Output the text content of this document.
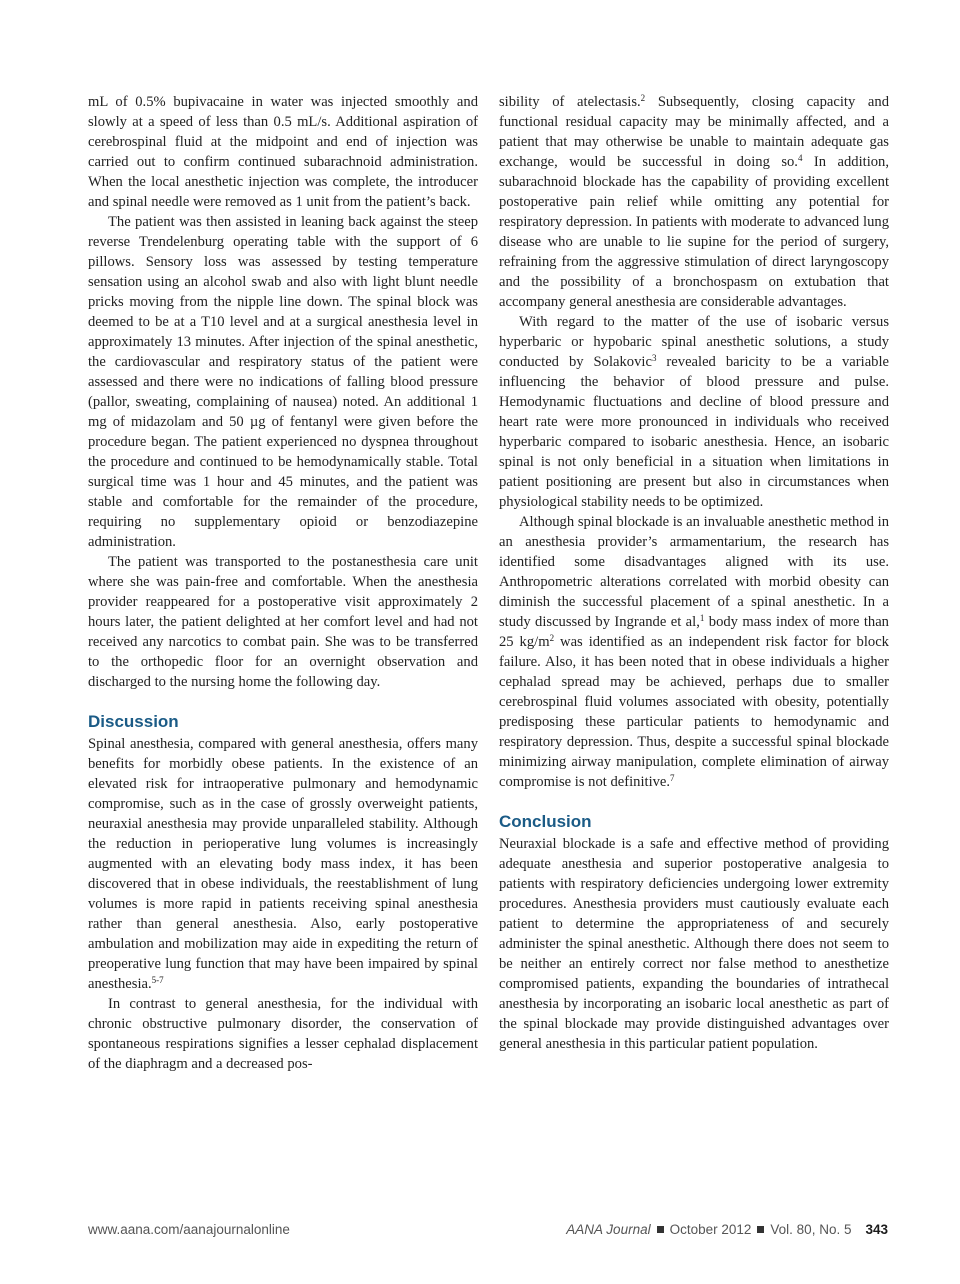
mL of 0.5% bupivacaine in water was injected smoothly and slowly at a speed of less than 0.5 mL/s. Additional aspiration of cerebrospinal fluid at the midpoint and end of injection was carried out to confirm continued subarachnoid administration. When the local anesthetic injection was complete, the introducer and spinal needle were removed as 1 unit from the patient’s back.

The patient was then assisted in leaning back against the steep reverse Trendelenburg operating table with the support of 6 pillows. Sensory loss was assessed by testing temperature sensation using an alcohol swab and also with light blunt needle pricks moving from the nipple line down. The spinal block was deemed to be at a T10 level and at a surgical anesthesia level in approximately 13 minutes. After injection of the spinal anesthetic, the cardiovascular and respiratory status of the patient were assessed and there were no indications of falling blood pressure (pallor, sweating, complaining of nausea) noted. An additional 1 mg of midazolam and 50 µg of fentanyl were given before the procedure began. The patient experienced no dyspnea throughout the procedure and continued to be hemodynamically stable. Total surgical time was 1 hour and 45 minutes, and the patient was stable and comfortable for the remainder of the procedure, requiring no supplementary opioid or benzodiazepine administration.

The patient was transported to the postanesthesia care unit where she was pain-free and comfortable. When the anesthesia provider reappeared for a postoperative visit approximately 2 hours later, the patient delighted at her comfort level and had not received any narcotics to combat pain. She was to be transferred to the orthopedic floor for an overnight observation and discharged to the nursing home the following day.

Discussion

Spinal anesthesia, compared with general anesthesia, offers many benefits for morbidly obese patients. In the existence of an elevated risk for intraoperative pulmonary and hemodynamic compromise, such as in the case of grossly overweight patients, neuraxial anesthesia may provide unparalleled stability. Although the reduction in perioperative lung volumes is increasingly augmented with an elevating body mass index, it has been discovered that in obese individuals, the reestablishment of lung volumes is more rapid in patients receiving spinal anesthesia rather than general anesthesia. Also, early postoperative ambulation and mobilization may aide in expediting the return of preoperative lung function that may have been impaired by spinal anesthesia.$^{5-7}$

In contrast to general anesthesia, for the individual with chronic obstructive pulmonary disorder, the conservation of spontaneous respirations signifies a lesser cephalad displacement of the diaphragm and a decreased pos-

sibility of atelectasis.$^2$ Subsequently, closing capacity and functional residual capacity may be minimally affected, and a patient that may otherwise be unable to maintain adequate gas exchange, would be successful in doing so.$^4$ In addition, subarachnoid blockade has the capability of providing excellent postoperative pain relief while omitting any potential for respiratory depression. In patients with moderate to advanced lung disease who are unable to lie supine for the period of surgery, refraining from the aggressive stimulation of direct laryngoscopy and the possibility of a bronchospasm on extubation that accompany general anesthesia are considerable advantages.

With regard to the matter of the use of isobaric versus hyperbaric or hypobaric spinal anesthetic solutions, a study conducted by Solakovic$^3$ revealed baricity to be a variable influencing the behavior of blood pressure and pulse. Hemodynamic fluctuations and decline of blood pressure and heart rate were more pronounced in individuals who received hyperbaric compared to isobaric anesthesia. Hence, an isobaric spinal is not only beneficial in a situation when limitations in patient positioning are present but also in circumstances when physiological stability needs to be optimized.

Although spinal blockade is an invaluable anesthetic method in an anesthesia provider’s armamentarium, the research has identified some disadvantages aligned with its use. Anthropometric alterations correlated with morbid obesity can diminish the successful placement of a spinal anesthetic. In a study discussed by Ingrande et al,$^1$ body mass index of more than 25 $kg/m^2$ was identified as an independent risk factor for block failure. Also, it has been noted that in obese individuals a higher cephalad spread may be achieved, perhaps due to smaller cerebrospinal fluid volumes associated with obesity, potentially predisposing these particular patients to hemodynamic and respiratory depression. Thus, despite a successful spinal blockade minimizing airway manipulation, complete elimination of airway compromise is not definitive.$^7$

Conclusion

Neuraxial blockade is a safe and effective method of providing adequate anesthesia and superior postoperative analgesia to patients with respiratory deficiencies undergoing lower extremity procedures. Anesthesia providers must cautiously evaluate each patient to determine the appropriateness of and securely administer the spinal anesthetic. Although there does not seem to be neither an entirely correct nor false method to anesthetize compromised patients, expanding the boundaries of intrathecal anesthesia by incorporating an isobaric local anesthetic as part of the spinal blockade may provide distinguished advantages over general anesthesia in this particular patient population.

www.aana.com/aanajournalonline	AANA Journal October 2012 Vol. 80, No. 5 343
